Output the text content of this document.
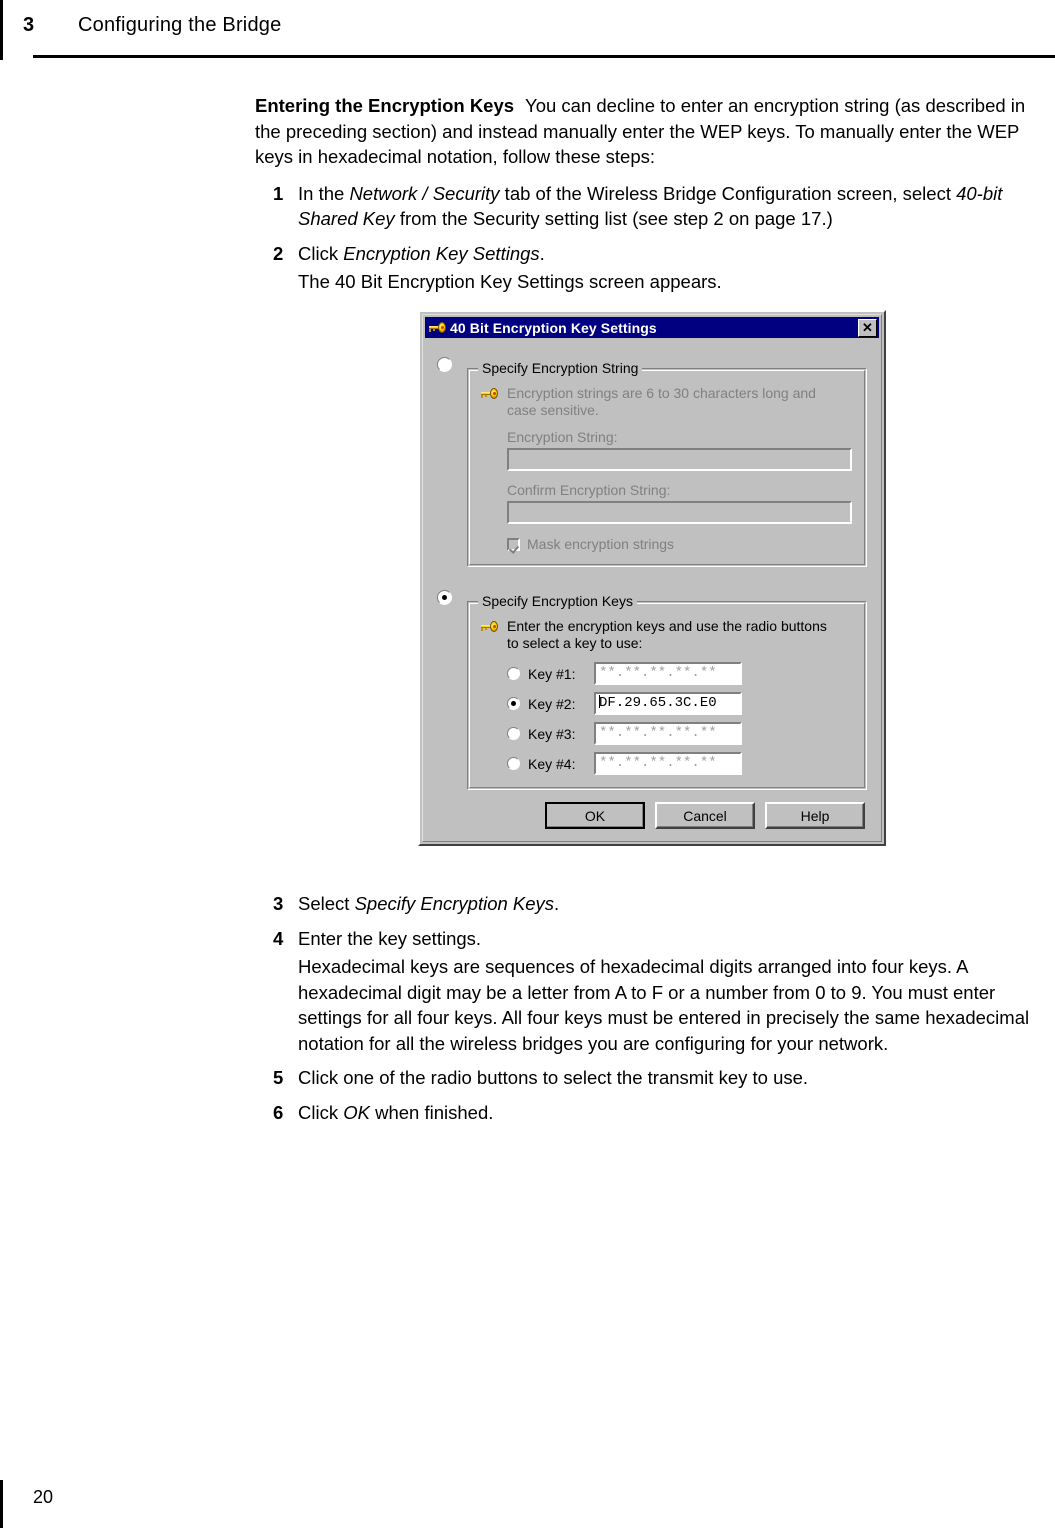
3 Configuring the Bridge

Entering the Encryption Keys You can decline to enter an encryption string (as described in the preceding section) and instead manually enter the WEP keys. To manually enter the WEP keys in hexadecimal notation, follow these steps:

1 In the Network / Security tab of the Wireless Bridge Configuration screen, select 40-bit Shared Key from the Security setting list (see step 2 on page 17.)
2 Click Encryption Key Settings.
The 40 Bit Encryption Key Settings screen appears.
40 Bit Encryption Key Settings	✕
Specify Encryption String
Encryption strings are 6 to 30 characters long and case sensitive.
Encryption String:
Confirm Encryption String:
Mask encryption strings
Specify Encryption Keys
Enter the encryption keys and use the radio buttons to select a key to use:
Key #1:	**.**.**.**.**
Key #2:	DF.29.65.3C.E0
Key #3:	**.**.**.**.**
Key #4:	**.**.**.**.**
OK	Cancel	Help
3 Select Specify Encryption Keys.
4 Enter the key settings.
Hexadecimal keys are sequences of hexadecimal digits arranged into four keys. A hexadecimal digit may be a letter from A to F or a number from 0 to 9. You must enter settings for all four keys. All four keys must be entered in precisely the same hexadecimal notation for all the wireless bridges you are configuring for your network.
5 Click one of the radio buttons to select the transmit key to use.
6 Click OK when finished.
20
